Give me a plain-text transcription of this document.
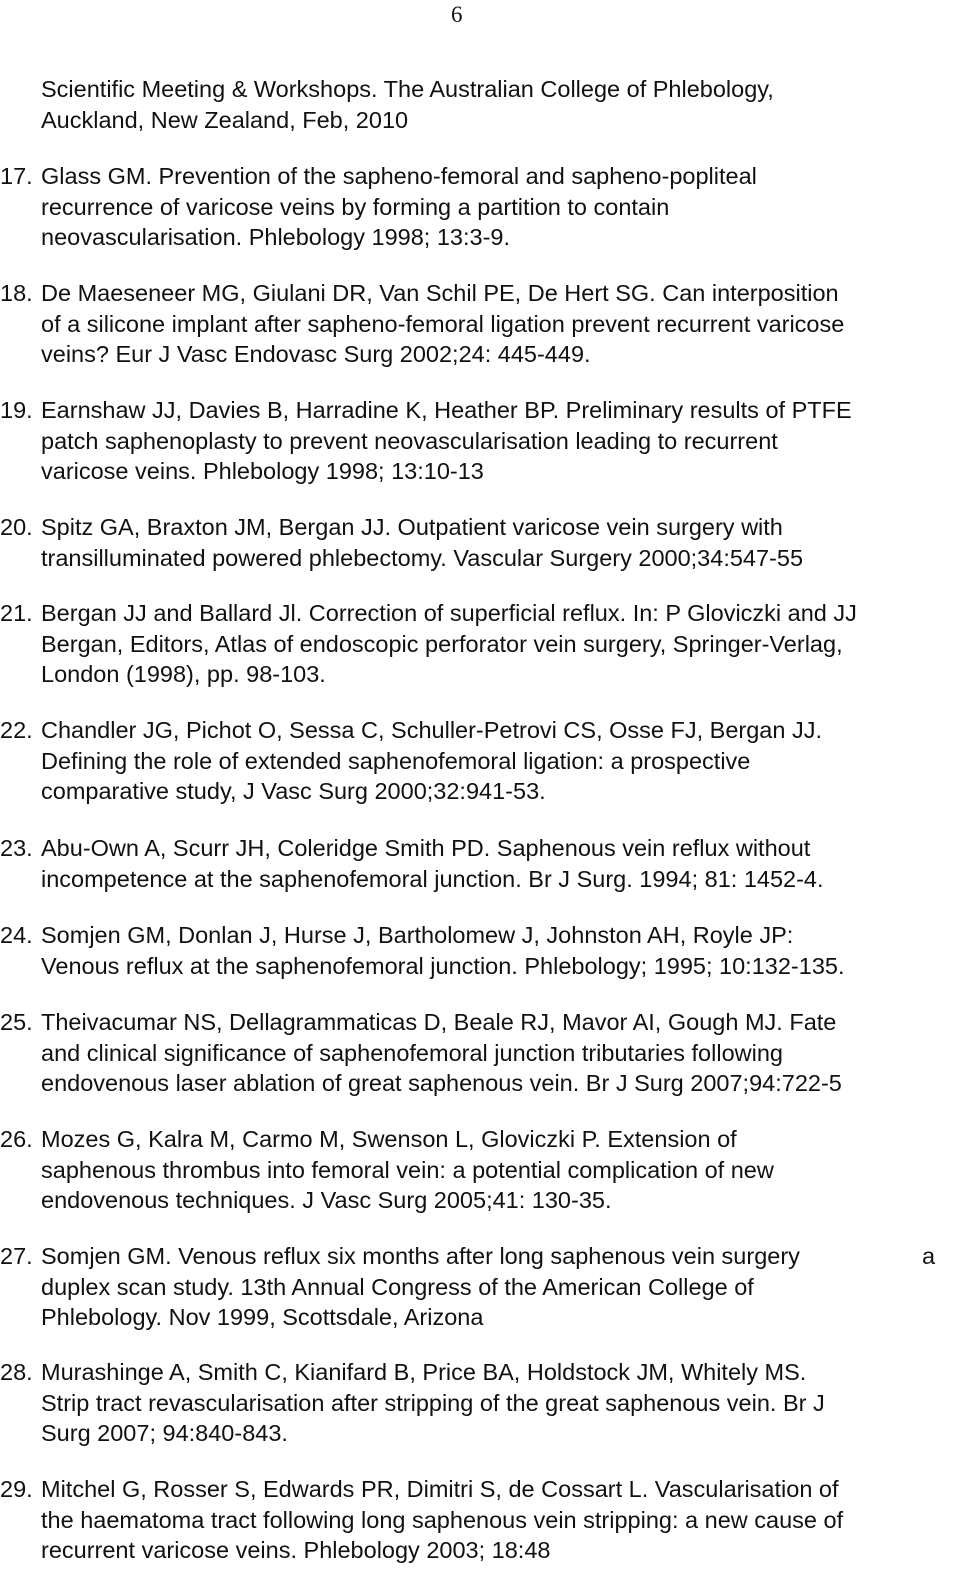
6
Scientific Meeting & Workshops. The Australian College of Phlebology,
Auckland, New Zealand, Feb, 2010
17. Glass GM. Prevention of the sapheno-femoral and sapheno-popliteal
recurrence of varicose veins by forming a partition to contain
neovascularisation. Phlebology 1998; 13:3-9.
18. De Maeseneer MG, Giulani DR, Van Schil PE, De Hert SG. Can interposition
of a silicone implant after sapheno-femoral ligation prevent recurrent varicose
veins? Eur J Vasc Endovasc Surg 2002;24: 445-449.
19. Earnshaw JJ, Davies B, Harradine K, Heather BP. Preliminary results of PTFE
patch saphenoplasty to prevent neovascularisation leading to recurrent
varicose veins. Phlebology 1998; 13:10-13
20. Spitz GA, Braxton JM, Bergan JJ. Outpatient varicose vein surgery with
transilluminated powered phlebectomy. Vascular Surgery 2000;34:547-55
21. Bergan JJ and Ballard Jl. Correction of superficial reflux. In: P Gloviczki and JJ
Bergan, Editors, Atlas of endoscopic perforator vein surgery, Springer-Verlag,
London (1998), pp. 98-103.
22. Chandler JG, Pichot O, Sessa C, Schuller-Petrovi CS, Osse FJ, Bergan JJ.
Defining the role of extended saphenofemoral ligation: a prospective
comparative study, J Vasc Surg 2000;32:941-53.
23. Abu-Own A, Scurr JH, Coleridge Smith PD. Saphenous vein reflux without
incompetence at the saphenofemoral junction. Br J Surg. 1994; 81: 1452-4.
24. Somjen GM, Donlan J, Hurse J, Bartholomew J, Johnston AH, Royle JP:
Venous reflux at the saphenofemoral junction. Phlebology; 1995; 10:132-135.
25. Theivacumar NS, Dellagrammaticas D, Beale RJ, Mavor AI, Gough MJ. Fate
and clinical significance of saphenofemoral junction tributaries following
endovenous laser ablation of great saphenous vein. Br J Surg 2007;94:722-5
26. Mozes G, Kalra M, Carmo M, Swenson L, Gloviczki P. Extension of
saphenous thrombus into femoral vein: a potential complication of new
endovenous techniques. J Vasc Surg 2005;41: 130-35.
27. Somjen GM. Venous reflux six months after long saphenous vein surgery	a
duplex scan study. 13th Annual Congress of the American College of
Phlebology. Nov 1999, Scottsdale, Arizona
28. Murashinge A, Smith C, Kianifard B, Price BA, Holdstock JM, Whitely MS.
Strip tract revascularisation after stripping of the great saphenous vein. Br J
Surg 2007; 94:840-843.
29. Mitchel G, Rosser S, Edwards PR, Dimitri S, de Cossart L. Vascularisation of
the haematoma tract following long saphenous vein stripping: a new cause of
recurrent varicose veins. Phlebology 2003; 18:48
